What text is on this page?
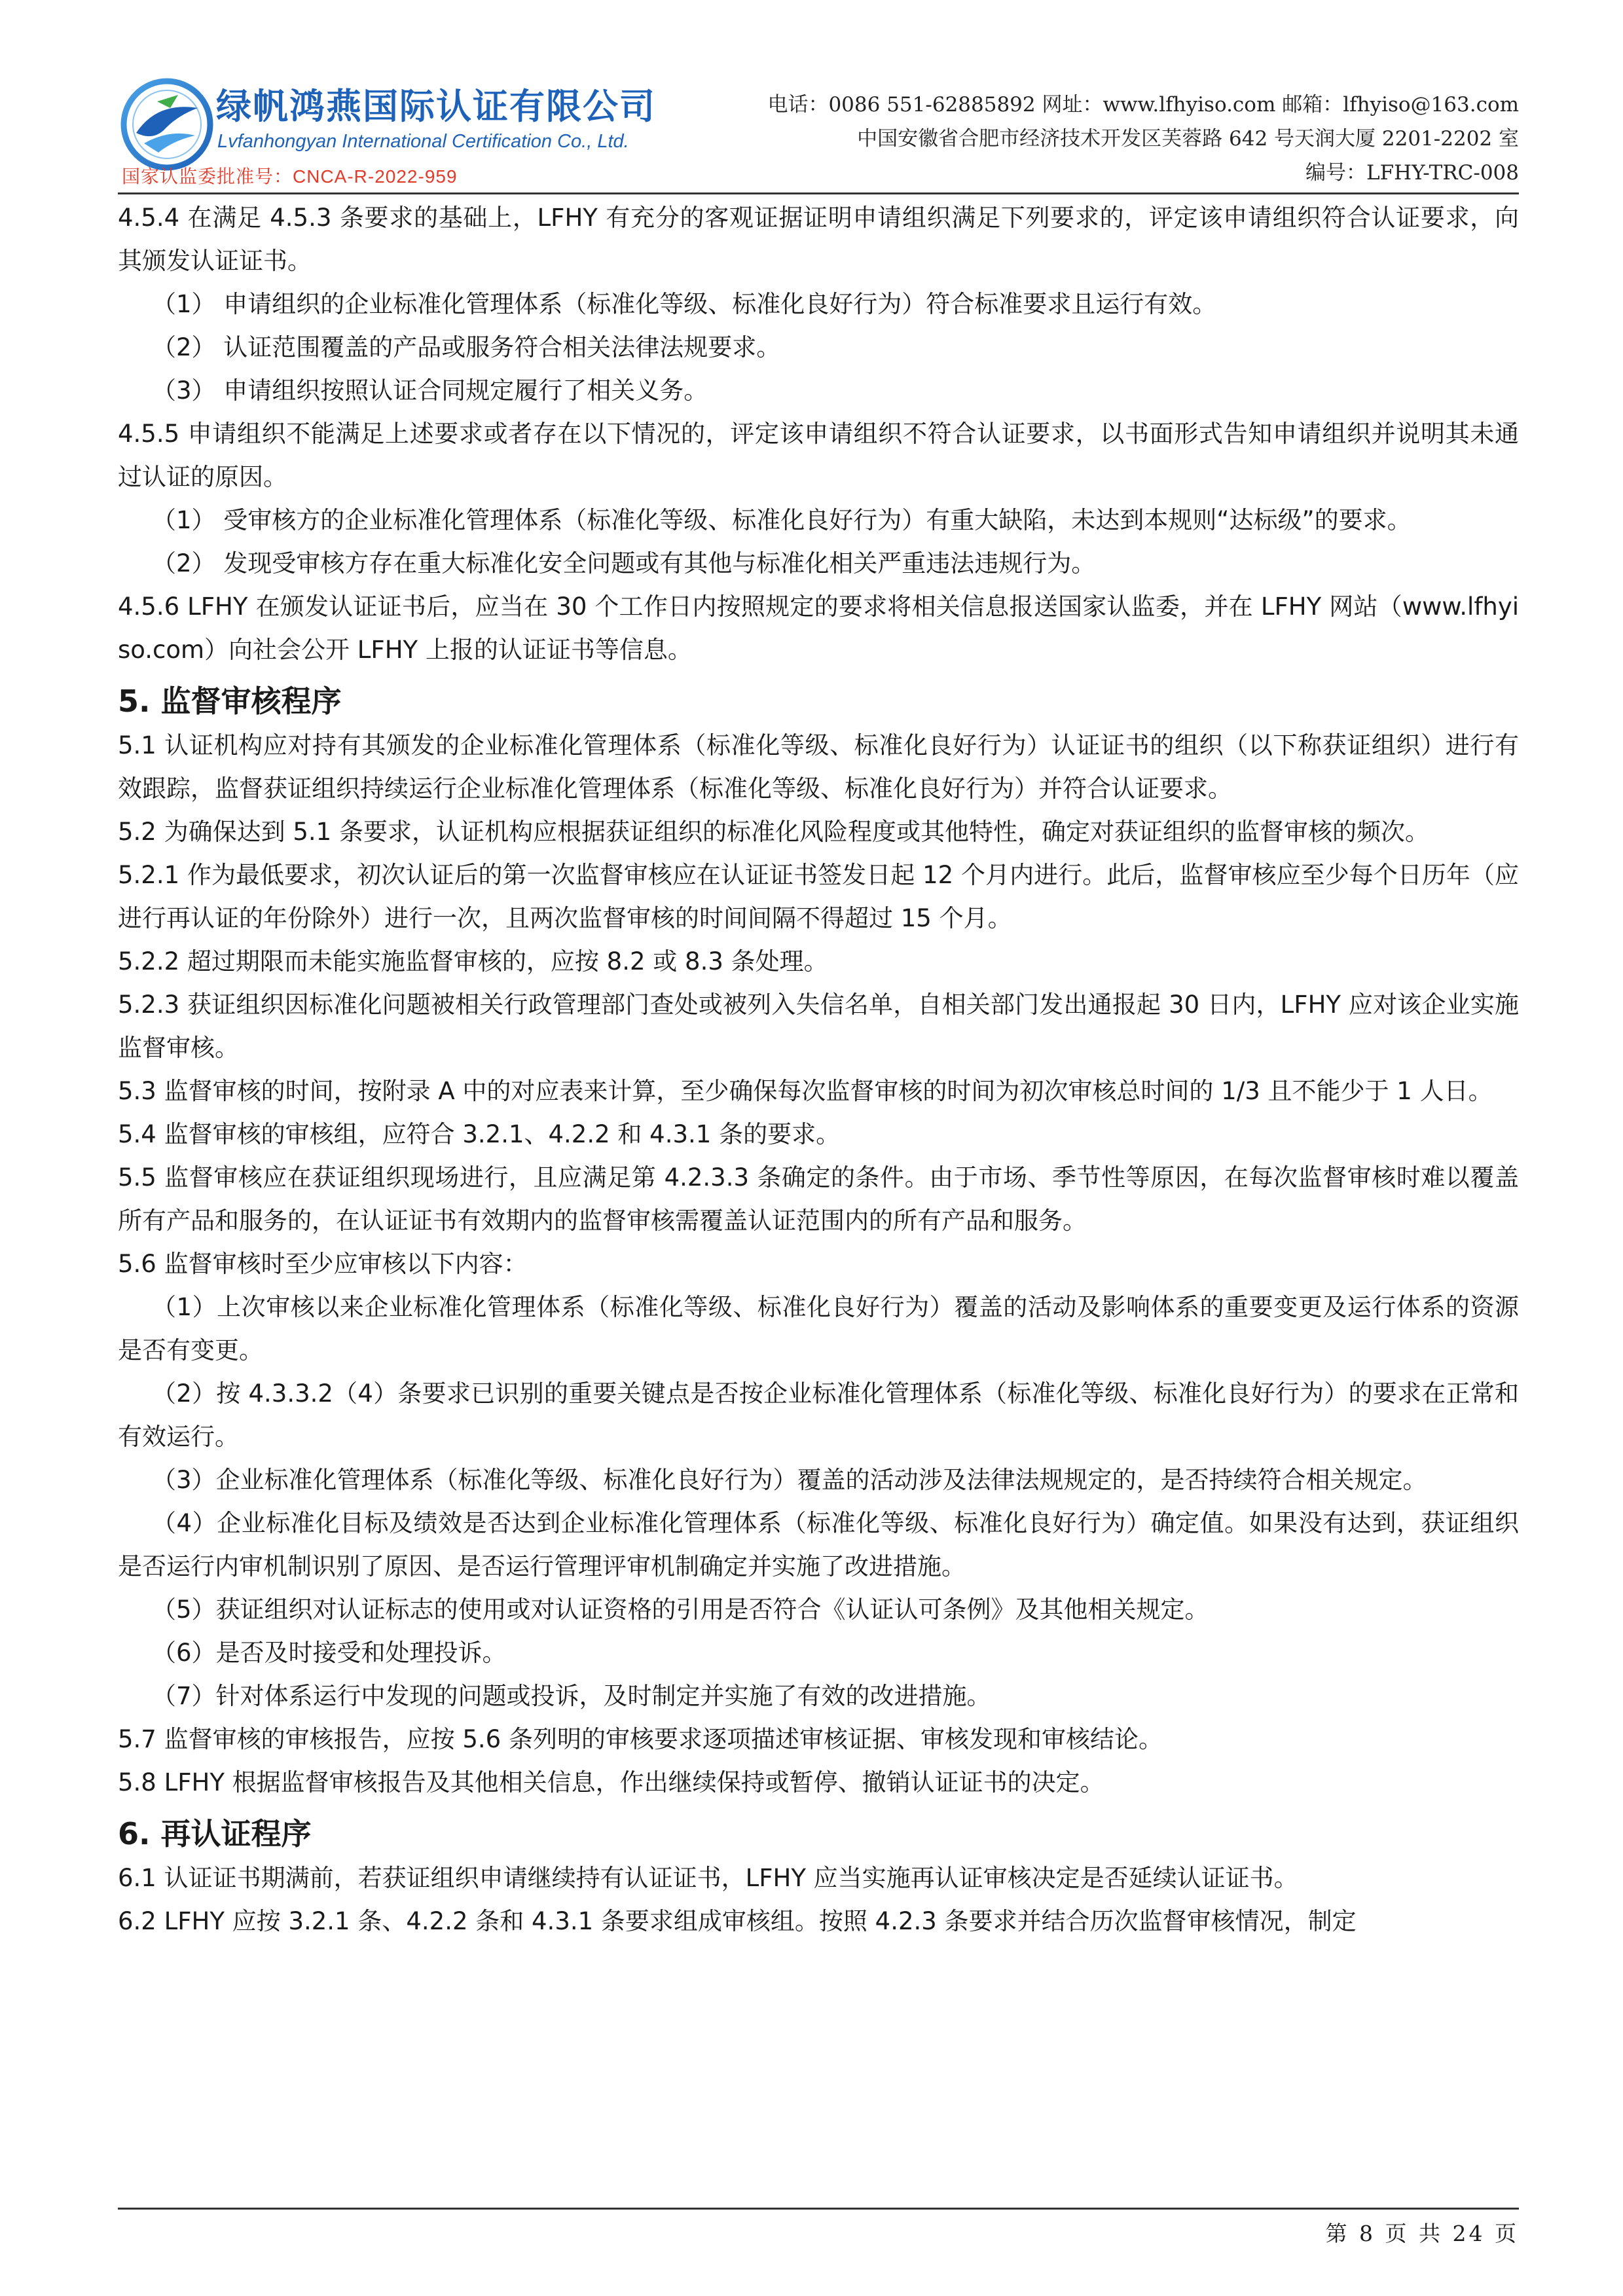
绿帆鸿燕国际认证有限公司
Lvfanhongyan International Certification Co., Ltd.
国家认监委批准号：CNCA-R-2022-959
电话：0086 551-62885892 网址：www.lfhyiso.com 邮箱：lfhyiso@163.com
中国安徽省合肥市经济技术开发区芙蓉路 642 号天润大厦 2201-2202 室
编号：LFHY-TRC-008

4.5.4 在满足 4.5.3 条要求的基础上，LFHY 有充分的客观证据证明申请组织满足下列要求的，评定该申请组织符合认证要求，向其颁发认证证书。

（1） 申请组织的企业标准化管理体系（标准化等级、标准化良好行为）符合标准要求且运行有效。

（2） 认证范围覆盖的产品或服务符合相关法律法规要求。

（3） 申请组织按照认证合同规定履行了相关义务。

4.5.5 申请组织不能满足上述要求或者存在以下情况的，评定该申请组织不符合认证要求，以书面形式告知申请组织并说明其未通过认证的原因。

（1） 受审核方的企业标准化管理体系（标准化等级、标准化良好行为）有重大缺陷，未达到本规则“达标级”的要求。

（2） 发现受审核方存在重大标准化安全问题或有其他与标准化相关严重违法违规行为。

4.5.6 LFHY 在颁发认证证书后，应当在 30 个工作日内按照规定的要求将相关信息报送国家认监委，并在 LFHY 网站（www.lfhyiso.com）向社会公开 LFHY 上报的认证证书等信息。

5. 监督审核程序

5.1 认证机构应对持有其颁发的企业标准化管理体系（标准化等级、标准化良好行为）认证证书的组织（以下称获证组织）进行有效跟踪，监督获证组织持续运行企业标准化管理体系（标准化等级、标准化良好行为）并符合认证要求。

5.2 为确保达到 5.1 条要求，认证机构应根据获证组织的标准化风险程度或其他特性，确定对获证组织的监督审核的频次。

5.2.1 作为最低要求，初次认证后的第一次监督审核应在认证证书签发日起 12 个月内进行。此后，监督审核应至少每个日历年（应进行再认证的年份除外）进行一次，且两次监督审核的时间间隔不得超过 15 个月。

5.2.2 超过期限而未能实施监督审核的，应按 8.2 或 8.3 条处理。

5.2.3 获证组织因标准化问题被相关行政管理部门查处或被列入失信名单，自相关部门发出通报起 30 日内，LFHY 应对该企业实施监督审核。

5.3 监督审核的时间，按附录 A 中的对应表来计算，至少确保每次监督审核的时间为初次审核总时间的 1/3 且不能少于 1 人日。

5.4 监督审核的审核组，应符合 3.2.1、4.2.2 和 4.3.1 条的要求。

5.5 监督审核应在获证组织现场进行，且应满足第 4.2.3.3 条确定的条件。由于市场、季节性等原因，在每次监督审核时难以覆盖所有产品和服务的，在认证证书有效期内的监督审核需覆盖认证范围内的所有产品和服务。

5.6 监督审核时至少应审核以下内容：

（1）上次审核以来企业标准化管理体系（标准化等级、标准化良好行为）覆盖的活动及影响体系的重要变更及运行体系的资源是否有变更。

（2）按 4.3.3.2（4）条要求已识别的重要关键点是否按企业标准化管理体系（标准化等级、标准化良好行为）的要求在正常和有效运行。

（3）企业标准化管理体系（标准化等级、标准化良好行为）覆盖的活动涉及法律法规规定的，是否持续符合相关规定。

（4）企业标准化目标及绩效是否达到企业标准化管理体系（标准化等级、标准化良好行为）确定值。如果没有达到，获证组织是否运行内审机制识别了原因、是否运行管理评审机制确定并实施了改进措施。

（5）获证组织对认证标志的使用或对认证资格的引用是否符合《认证认可条例》及其他相关规定。

（6）是否及时接受和处理投诉。

（7）针对体系运行中发现的问题或投诉，及时制定并实施了有效的改进措施。

5.7 监督审核的审核报告，应按 5.6 条列明的审核要求逐项描述审核证据、审核发现和审核结论。

5.8 LFHY 根据监督审核报告及其他相关信息，作出继续保持或暂停、撤销认证证书的决定。

6. 再认证程序

6.1 认证证书期满前，若获证组织申请继续持有认证证书，LFHY 应当实施再认证审核决定是否延续认证证书。

6.2 LFHY 应按 3.2.1 条、4.2.2 条和 4.3.1 条要求组成审核组。按照 4.2.3 条要求并结合历次监督审核情况，制定

第 8 页 共 24 页
